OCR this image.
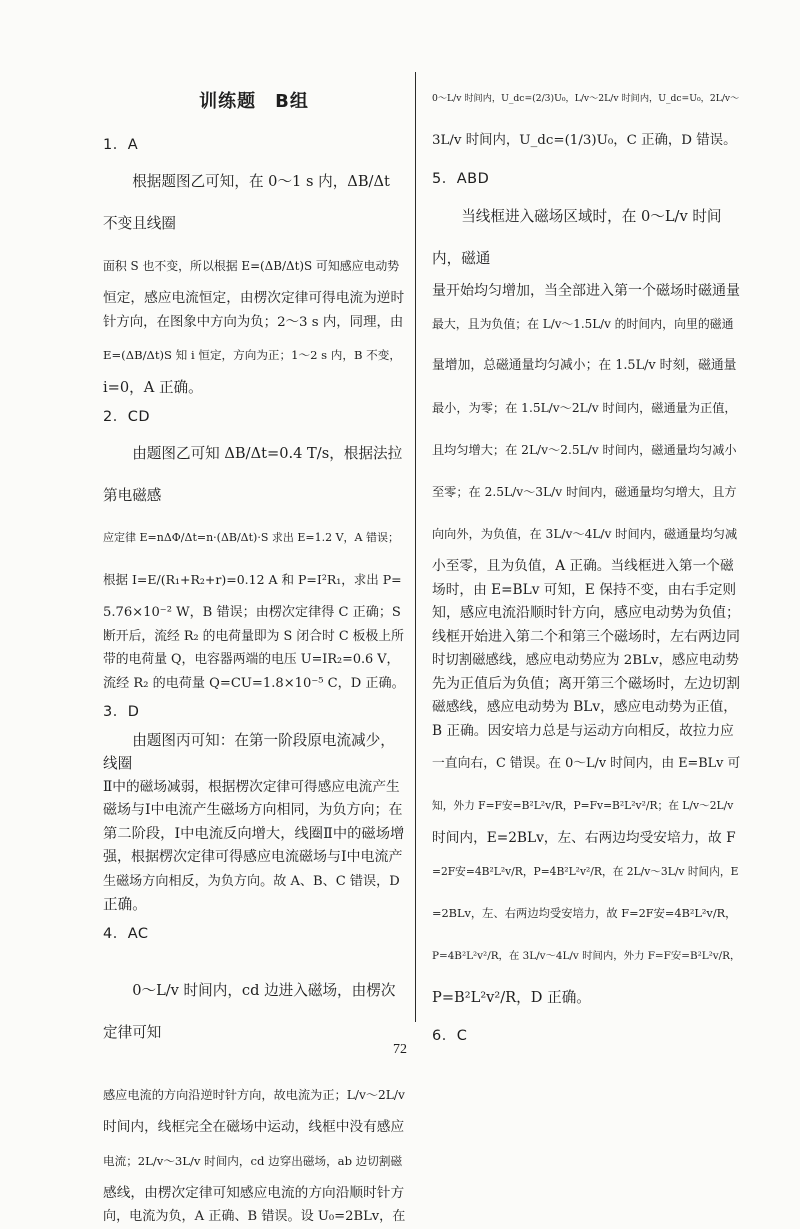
训练题　B组
1．A

根据题图乙可知，在 0～1 s 内，ΔB/Δt 不变且线圈

面积 S 也不变，所以根据 E=(ΔB/Δt)S 可知感应电动势

恒定，感应电流恒定，由楞次定律可得电流为逆时

针方向，在图象中方向为负；2～3 s 内，同理，由

E=(ΔB/Δt)S 知 i 恒定，方向为正；1～2 s 内，B 不变，

i=0，A 正确。

2．CD

由题图乙可知 ΔB/Δt=0.4 T/s，根据法拉第电磁感

应定律 E=nΔΦ/Δt=n·(ΔB/Δt)·S 求出 E=1.2 V，A 错误；

根据 I=E/(R₁+R₂+r)=0.12 A 和 P=I²R₁，求出 P=

5.76×10⁻² W，B 错误；由楞次定律得 C 正确；S

断开后，流经 R₂ 的电荷量即为 S 闭合时 C 板极上所

带的电荷量 Q，电容器两端的电压 U=IR₂=0.6 V，

流经 R₂ 的电荷量 Q=CU=1.8×10⁻⁵ C，D 正确。

3．D

由题图丙可知：在第一阶段原电流减少，线圈

Ⅱ中的磁场减弱，根据楞次定律可得感应电流产生

磁场与Ⅰ中电流产生磁场方向相同，为负方向；在

第二阶段，Ⅰ中电流反向增大，线圈Ⅱ中的磁场增

强，根据楞次定律可得感应电流磁场与Ⅰ中电流产

生磁场方向相反，为负方向。故 A、B、C 错误，D

正确。

4．AC

0～L/v 时间内，cd 边进入磁场，由楞次定律可知

感应电流的方向沿逆时针方向，故电流为正；L/v～2L/v

时间内，线框完全在磁场中运动，线框中没有感应

电流；2L/v～3L/v 时间内，cd 边穿出磁场，ab 边切割磁

感线，由楞次定律可知感应电流的方向沿顺时针方

向，电流为负，A 正确、B 错误。设 U₀=2BLv，在

0～L/v 时间内，U_dc=(2/3)U₀，L/v～2L/v 时间内，U_dc=U₀，2L/v～

3L/v 时间内，U_dc=(1/3)U₀，C 正确，D 错误。

5．ABD

当线框进入磁场区域时，在 0～L/v 时间内，磁通

量开始均匀增加，当全部进入第一个磁场时磁通量

最大，且为负值；在 L/v～1.5L/v 的时间内，向里的磁通

量增加，总磁通量均匀减小；在 1.5L/v 时刻，磁通量

最小，为零；在 1.5L/v～2L/v 时间内，磁通量为正值，

且均匀增大；在 2L/v～2.5L/v 时间内，磁通量均匀减小

至零；在 2.5L/v～3L/v 时间内，磁通量均匀增大，且方

向向外，为负值，在 3L/v～4L/v 时间内，磁通量均匀减

小至零，且为负值，A 正确。当线框进入第一个磁

场时，由 E=BLv 可知，E 保持不变，由右手定则

知，感应电流沿顺时针方向，感应电动势为负值；

线框开始进入第二个和第三个磁场时，左右两边同

时切割磁感线，感应电动势应为 2BLv，感应电动势

先为正值后为负值；离开第三个磁场时，左边切割

磁感线，感应电动势为 BLv，感应电动势为正值，

B 正确。因安培力总是与运动方向相反，故拉力应

一直向右，C 错误。在 0～L/v 时间内，由 E=BLv 可

知，外力 F=F安=B²L²v/R，P=Fv=B²L²v²/R；在 L/v～2L/v

时间内，E=2BLv，左、右两边均受安培力，故 F

=2F安=4B²L²v/R，P=4B²L²v²/R，在 2L/v～3L/v 时间内，E

=2BLv，左、右两边均受安培力，故 F=2F安=4B²L²v/R，

P=4B²L²v²/R，在 3L/v～4L/v 时间内，外力 F=F安=B²L²v/R，

P=B²L²v²/R，D 正确。

6．C
72
